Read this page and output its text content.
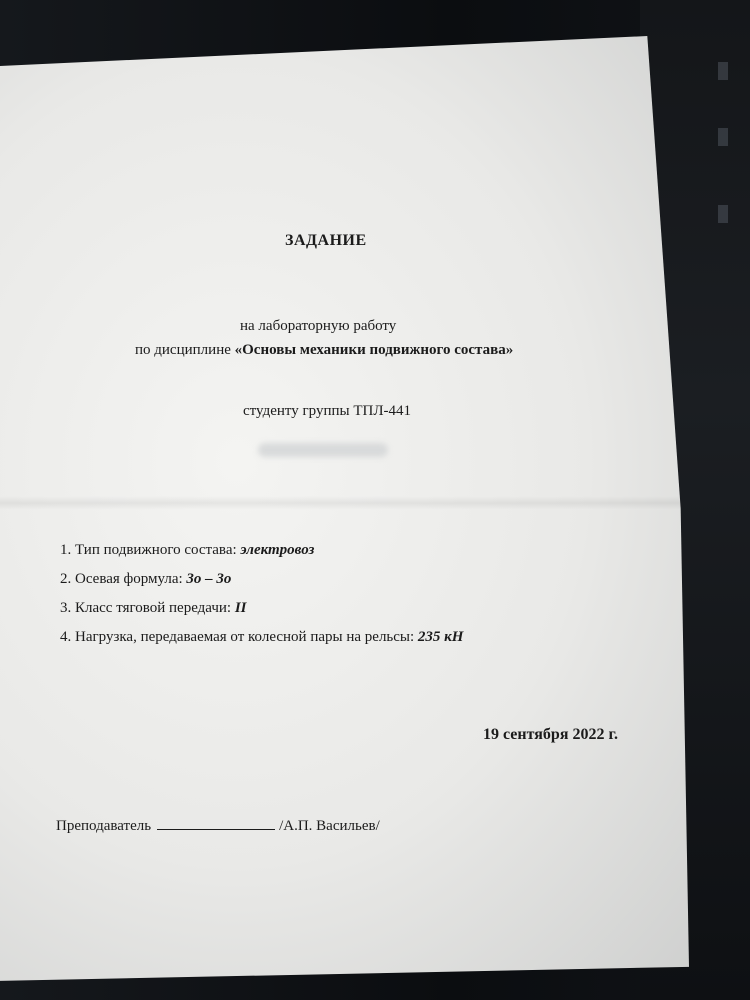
ЗАДАНИЕ
на лабораторную работу
по дисциплине «Основы механики подвижного состава»
студенту группы ТПЛ-441
1. Тип подвижного состава: электровоз
2. Осевая формула: 3о – 3о
3. Класс тяговой передачи: II
4. Нагрузка, передаваемая от колесной пары на рельсы: 235 кН
19 сентября 2022 г.
Преподаватель	/А.П. Васильев/
